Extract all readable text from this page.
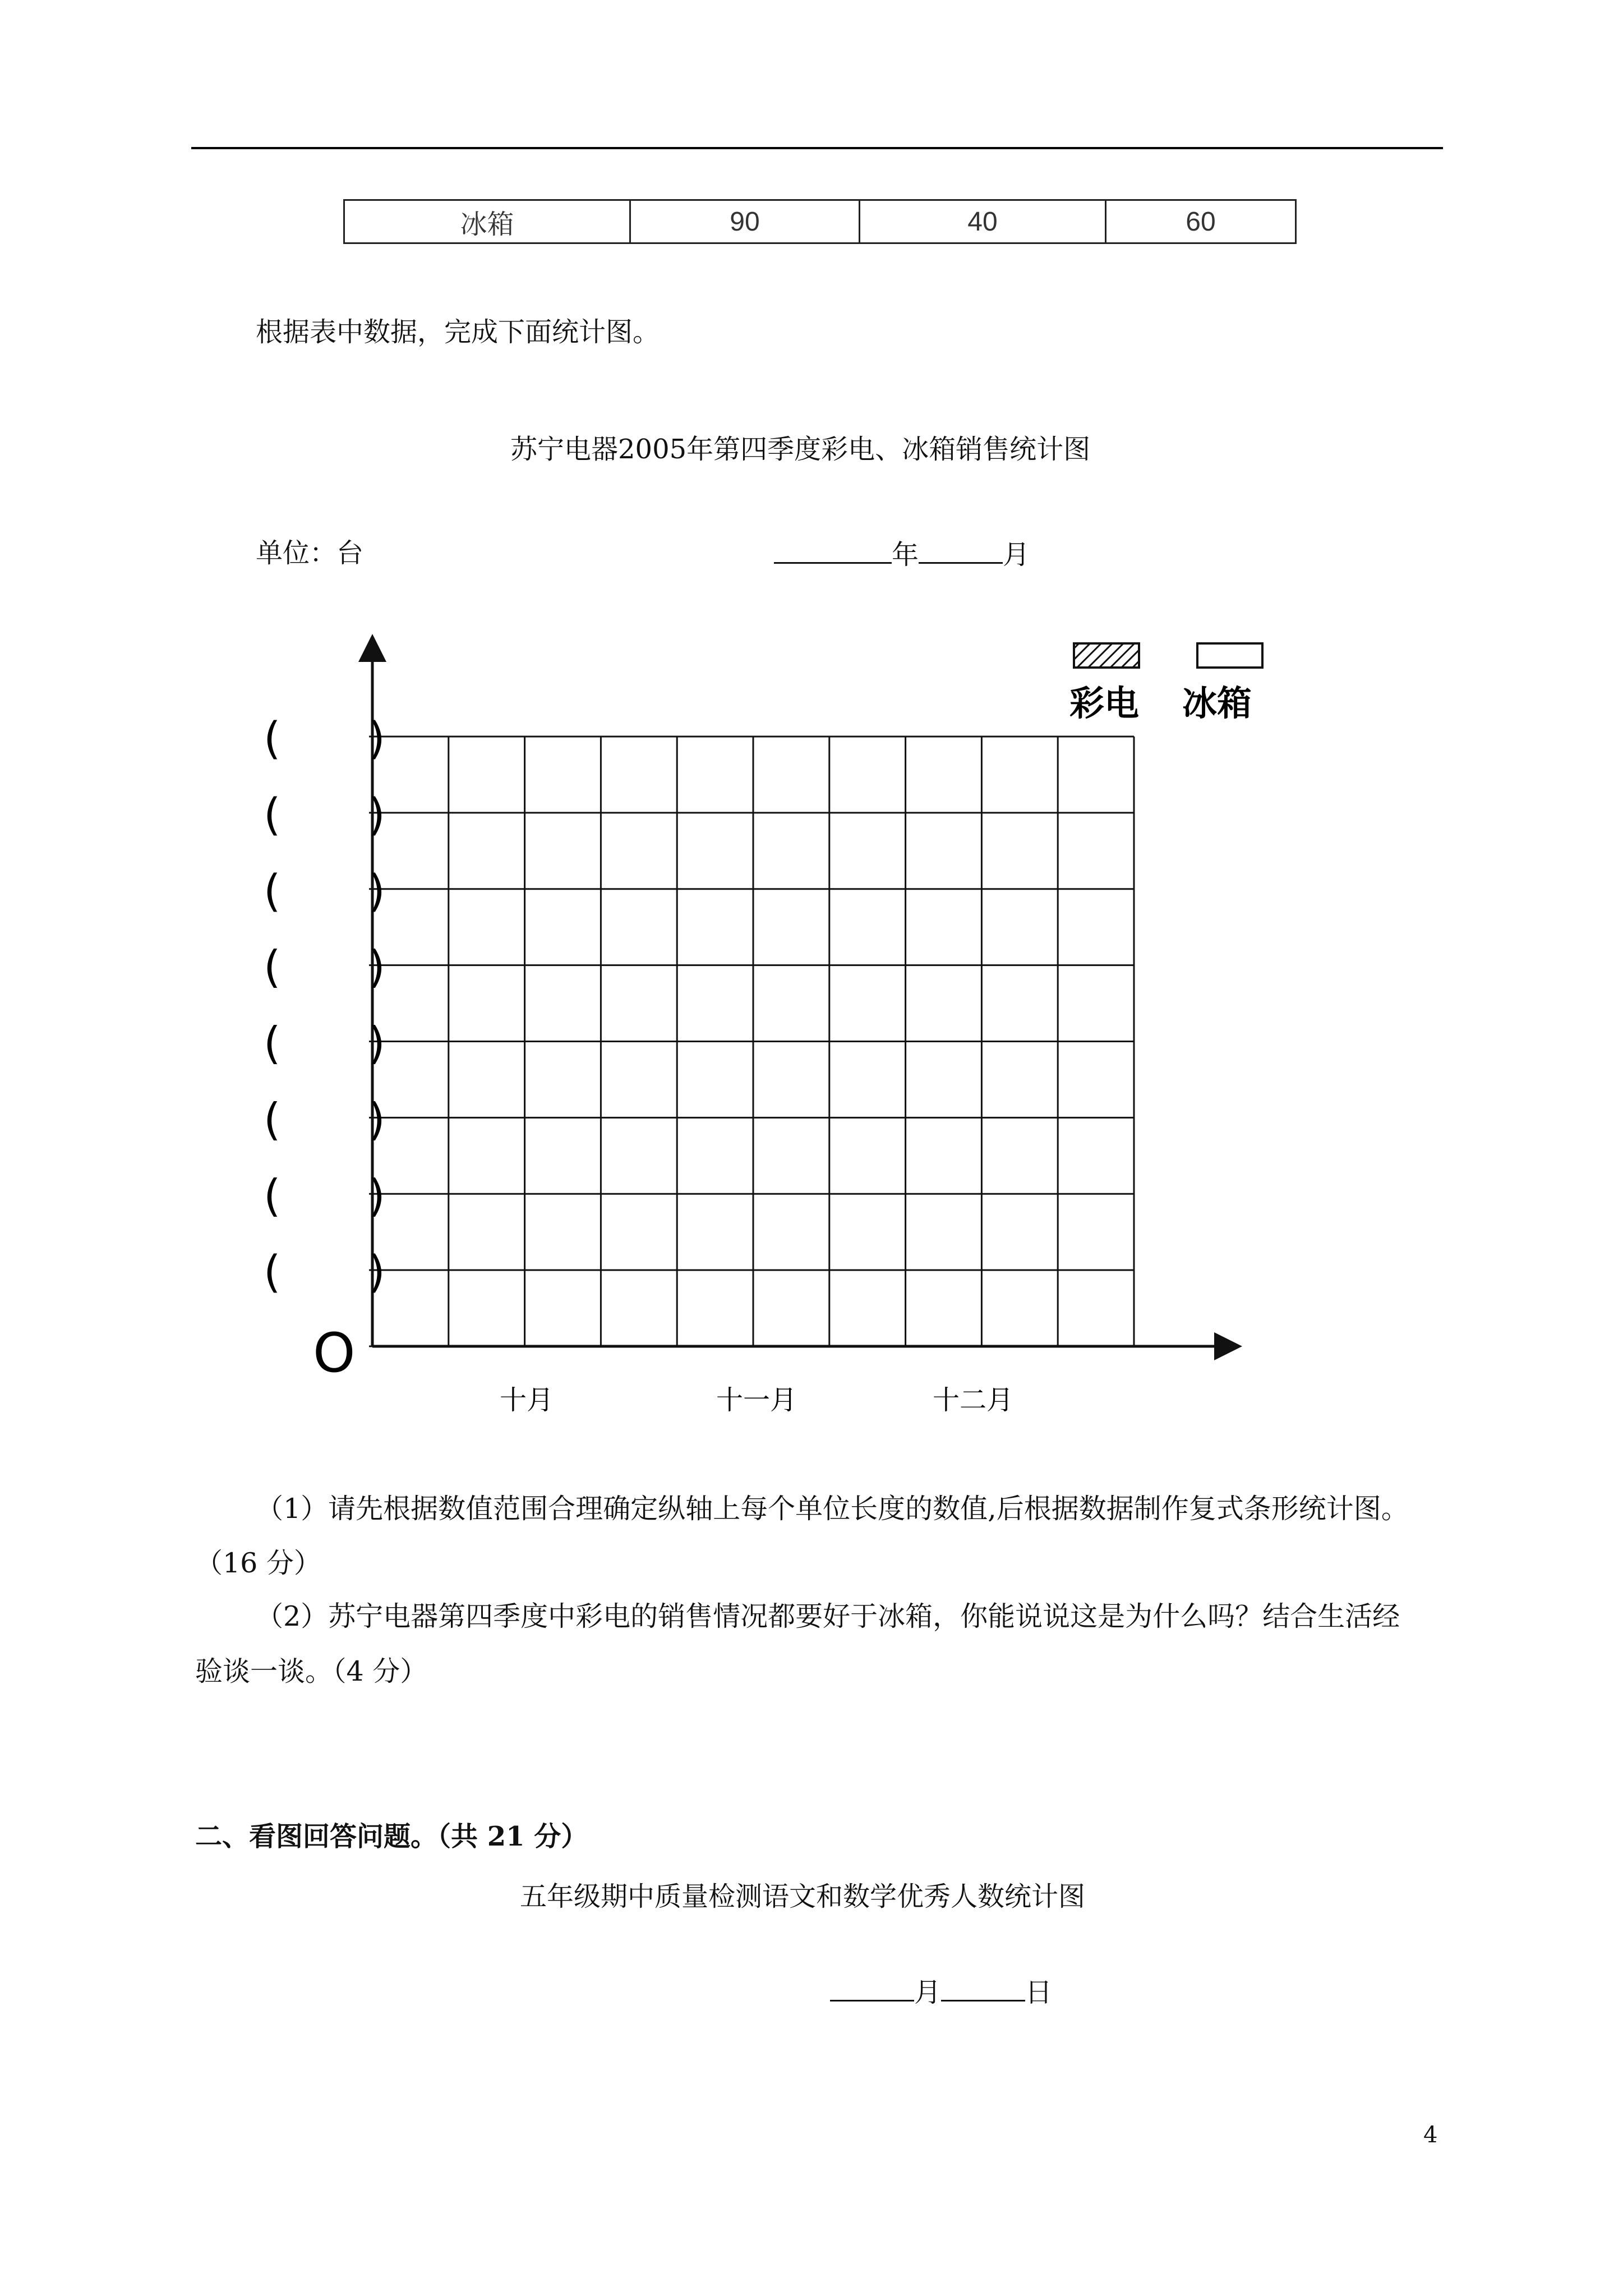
冰箱	90	40	60
根据表中数据，完成下面统计图。
苏宁电器2005年第四季度彩电、冰箱销售统计图
单位：台	年	月
彩电 冰箱
(　　)
(　　)
(　　)
(　　)
(　　)
(　　)
(　　)
(　　)
O
十月	十一月	十二月
（1）请先根据数值范围合理确定纵轴上每个单位长度的数值,后根据数据制作复式条形统计图。
（16 分）
（2）苏宁电器第四季度中彩电的销售情况都要好于冰箱，你能说说这是为什么吗？结合生活经
验谈一谈。（4 分）
二、看图回答问题。（共 21 分）
五年级期中质量检测语文和数学优秀人数统计图
月	日
4
